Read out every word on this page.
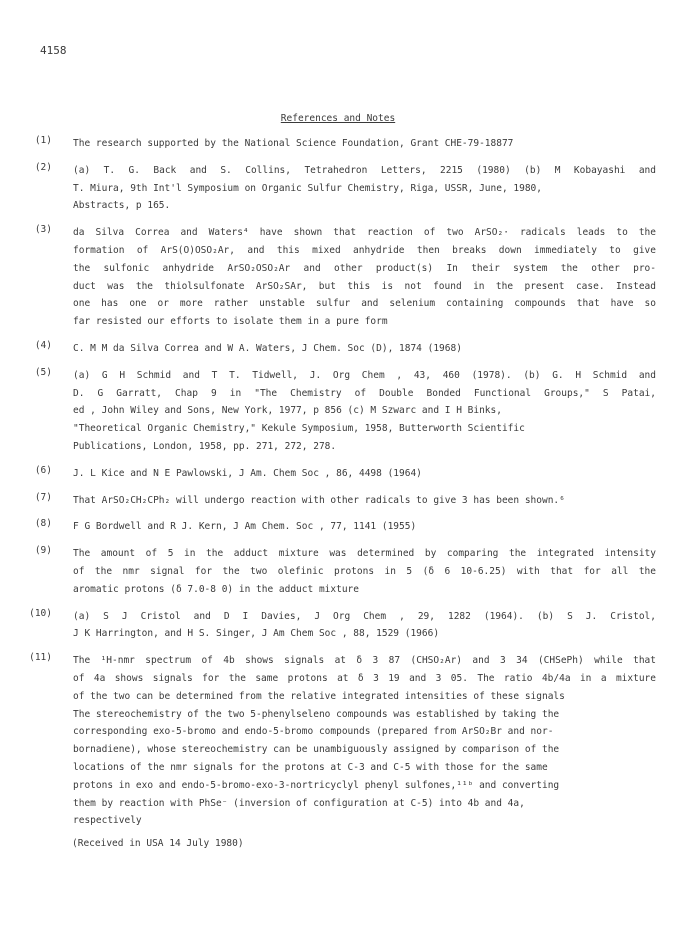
4158
References and Notes
(1) The research supported by the National Science Foundation, Grant CHE-79-18877
(2) (a) T. G. Back and S. Collins, Tetrahedron Letters, 2215 (1980) (b) M Kobayashi and
T. Miura, 9th Int'l Symposium on Organic Sulfur Chemistry, Riga, USSR, June, 1980,
Abstracts, p 165.
(3) da Silva Correa and Waters⁴ have shown that reaction of two ArSO₂· radicals leads to the
formation of ArS(O)OSO₂Ar, and this mixed anhydride then breaks down immediately to give
the sulfonic anhydride ArSO₂OSO₂Ar and other product(s) In their system the other pro-
duct was the thiolsulfonate ArSO₂SAr, but this is not found in the present case. Instead
one has one or more rather unstable sulfur and selenium containing compounds that have so
far resisted our efforts to isolate them in a pure form
(4) C. M M da Silva Correa and W A. Waters, J Chem. Soc (D), 1874 (1968)
(5) (a) G H Schmid and T T. Tidwell, J. Org Chem , 43, 460 (1978). (b) G. H Schmid and
D. G Garratt, Chap 9 in "The Chemistry of Double Bonded Functional Groups," S Patai,
ed , John Wiley and Sons, New York, 1977, p 856 (c) M Szwarc and I H Binks,
"Theoretical Organic Chemistry," Kekule Symposium, 1958, Butterworth Scientific
Publications, London, 1958, pp. 271, 272, 278.
(6) J. L Kice and N E Pawlowski, J Am. Chem Soc , 86, 4498 (1964)
(7) That ArSO₂CH₂CPh₂ will undergo reaction with other radicals to give 3 has been shown.⁶
(8) F G Bordwell and R J. Kern, J Am Chem. Soc , 77, 1141 (1955)
(9) The amount of 5 in the adduct mixture was determined by comparing the integrated intensity
of the nmr signal for the two olefinic protons in 5 (δ 6 10-6.25) with that for all the
aromatic protons (δ 7.0-8 0) in the adduct mixture
(10) (a) S J Cristol and D I Davies, J Org Chem , 29, 1282 (1964). (b) S J. Cristol,
J K Harrington, and H S. Singer, J Am Chem Soc , 88, 1529 (1966)
(11) The ¹H-nmr spectrum of 4b shows signals at δ 3 87 (CHSO₂Ar) and 3 34 (CHSePh) while that
of 4a shows signals for the same protons at δ 3 19 and 3 05. The ratio 4b/4a in a mixture
of the two can be determined from the relative integrated intensities of these signals
The stereochemistry of the two 5-phenylseleno compounds was established by taking the
corresponding exo-5-bromo and endo-5-bromo compounds (prepared from ArSO₂Br and nor-
bornadiene), whose stereochemistry can be unambiguously assigned by comparison of the
locations of the nmr signals for the protons at C-3 and C-5 with those for the same
protons in exo and endo-5-bromo-exo-3-nortricyclyl phenyl sulfones,¹¹ᵇ and converting
them by reaction with PhSe⁻ (inversion of configuration at C-5) into 4b and 4a,
respectively
(Received in USA 14 July 1980)
